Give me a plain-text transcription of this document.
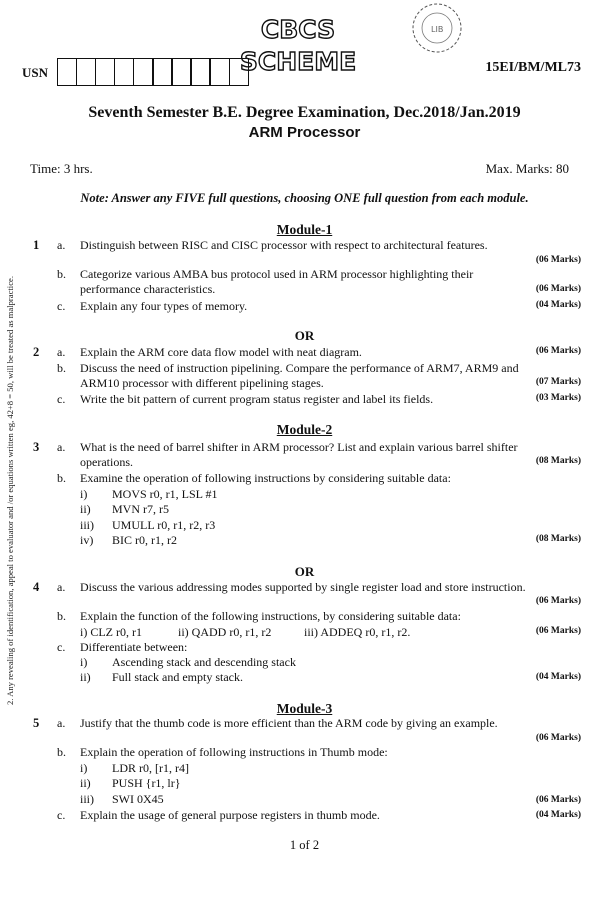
CBCS SCHEME
LIB
USN	15EI/BM/ML73
Seventh Semester B.E. Degree Examination, Dec.2018/Jan.2019
ARM Processor
Time: 3 hrs.	Max. Marks: 80
Note: Answer any FIVE full questions, choosing ONE full question from each module.
2. Any revealing of identification, appeal to evaluator and /or equations written eg, 42+8 = 50, will be treated as malpractice.
Module-1
1 a. Distinguish between RISC and CISC processor with respect to architectural features.
(06 Marks)
b. Categorize various AMBA bus protocol used in ARM processor highlighting their
performance characteristics.	(06 Marks)
c. Explain any four types of memory.	(04 Marks)
OR
2 a. Explain the ARM core data flow model with neat diagram.	(06 Marks)
b. Discuss the need of instruction pipelining. Compare the performance of ARM7, ARM9 and
ARM10 processor with different pipelining stages.	(07 Marks)
c. Write the bit pattern of current program status register and label its fields.	(03 Marks)
Module-2
3 a. What is the need of barrel shifter in ARM processor? List and explain various barrel shifter
operations.	(08 Marks)
b. Examine the operation of following instructions by considering suitable data:
i) MOVS r0, r1, LSL #1
ii) MVN r7, r5
iii) UMULL r0, r1, r2, r3
iv) BIC r0, r1, r2	(08 Marks)
OR
4 a. Discuss the various addressing modes supported by single register load and store instruction.
(06 Marks)
b. Explain the function of the following instructions, by considering suitable data:
i) CLZ r0, r1	ii) QADD r0, r1, r2	iii) ADDEQ r0, r1, r2.	(06 Marks)
c. Differentiate between:
i) Ascending stack and descending stack
ii) Full stack and empty stack.	(04 Marks)
Module-3
5 a. Justify that the thumb code is more efficient than the ARM code by giving an example.
(06 Marks)
b. Explain the operation of following instructions in Thumb mode:
i) LDR r0, [r1, r4]
ii) PUSH {r1, lr}
iii) SWI 0X45	(06 Marks)
c. Explain the usage of general purpose registers in thumb mode.	(04 Marks)
1 of 2
